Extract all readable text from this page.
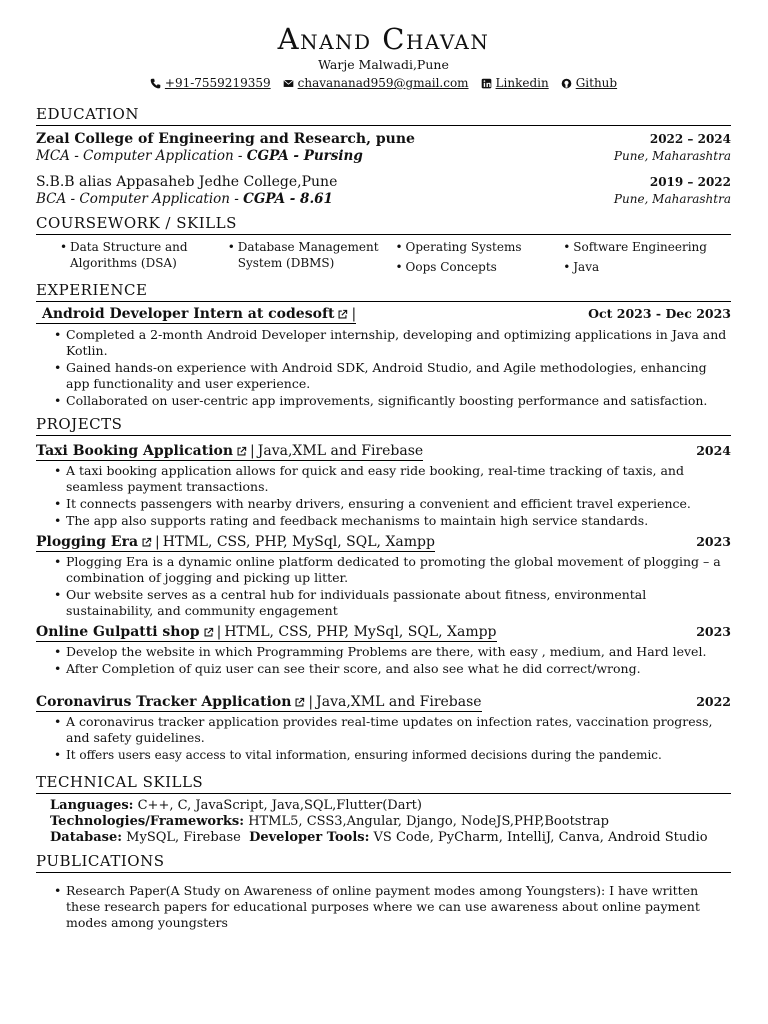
Anand Chavan
Warje Malwadi,Pune
+91-7559219359 chavananad959@gmail.com Linkedin Github
EDUCATION
Zeal College of Engineering and Research, pune	2022 – 2024
MCA - Computer Application - CGPA - Pursing	Pune, Maharashtra
S.B.B alias Appasaheb Jedhe College,Pune	2019 – 2022
BCA - Computer Application - CGPA - 8.61	Pune, Maharashtra
COURSEWORK / SKILLS
• Data Structure and Algorithms (DSA)
• Database Management System (DBMS)
• Operating Systems
• Oops Concepts
• Software Engineering
• Java
EXPERIENCE
Android Developer Intern at codesoft |	Oct 2023 - Dec 2023
• Completed a 2-month Android Developer internship, developing and optimizing applications in Java and Kotlin.
• Gained hands-on experience with Android SDK, Android Studio, and Agile methodologies, enhancing app functionality and user experience.
• Collaborated on user-centric app improvements, significantly boosting performance and satisfaction.
PROJECTS
Taxi Booking Application | Java,XML and Firebase	2024
• A taxi booking application allows for quick and easy ride booking, real-time tracking of taxis, and seamless payment transactions.
• It connects passengers with nearby drivers, ensuring a convenient and efficient travel experience.
• The app also supports rating and feedback mechanisms to maintain high service standards.
Plogging Era | HTML, CSS, PHP, MySql, SQL, Xampp	2023
• Plogging Era is a dynamic online platform dedicated to promoting the global movement of plogging – a combination of jogging and picking up litter.
• Our website serves as a central hub for individuals passionate about fitness, environmental sustainability, and community engagement
Online Gulpatti shop | HTML, CSS, PHP, MySql, SQL, Xampp	2023
• Develop the website in which Programming Problems are there, with easy , medium, and Hard level.
• After Completion of quiz user can see their score, and also see what he did correct/wrong.
Coronavirus Tracker Application | Java,XML and Firebase	2022
• A coronavirus tracker application provides real-time updates on infection rates, vaccination progress, and safety guidelines.
• It offers users easy access to vital information, ensuring informed decisions during the pandemic.
TECHNICAL SKILLS
Languages: C++, C, JavaScript, Java,SQL,Flutter(Dart)
Technologies/Frameworks: HTML5, CSS3,Angular, Django, NodeJS,PHP,Bootstrap
Database: MySQL, Firebase Developer Tools: VS Code, PyCharm, IntelliJ, Canva, Android Studio
PUBLICATIONS
• Research Paper(A Study on Awareness of online payment modes among Youngsters): I have written these research papers for educational purposes where we can use awareness about online payment modes among youngsters
